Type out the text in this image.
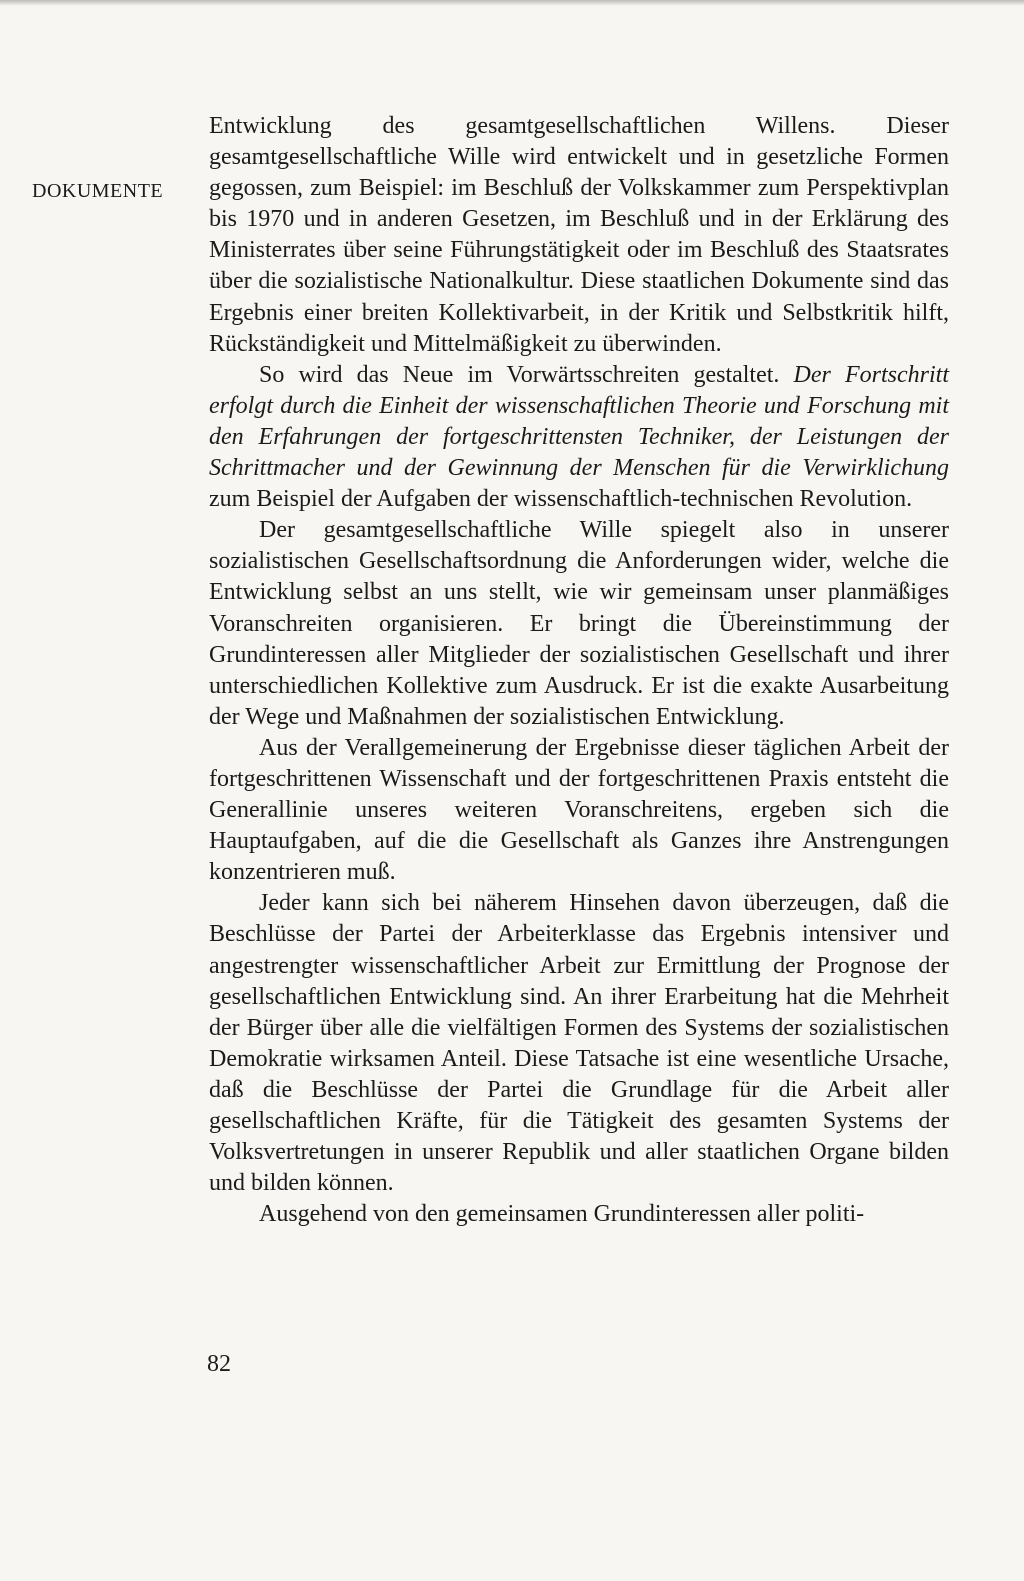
DOKUMENTE

Entwicklung des gesamtgesellschaftlichen Willens. Dieser gesamtgesellschaftliche Wille wird entwickelt und in gesetzliche Formen gegossen, zum Beispiel: im Beschluß der Volkskammer zum Perspektivplan bis 1970 und in anderen Gesetzen, im Beschluß und in der Erklärung des Ministerrates über seine Führungstätigkeit oder im Beschluß des Staatsrates über die sozialistische Nationalkultur. Diese staatlichen Dokumente sind das Ergebnis einer breiten Kollektivarbeit, in der Kritik und Selbstkritik hilft, Rückständigkeit und Mittelmäßigkeit zu überwinden.

So wird das Neue im Vorwärtsschreiten gestaltet. Der Fortschritt erfolgt durch die Einheit der wissenschaftlichen Theorie und Forschung mit den Erfahrungen der fortgeschrittensten Techniker, der Leistungen der Schrittmacher und der Gewinnung der Menschen für die Verwirklichung zum Beispiel der Aufgaben der wissenschaftlich-technischen Revolution.

Der gesamtgesellschaftliche Wille spiegelt also in unserer sozialistischen Gesellschaftsordnung die Anforderungen wider, welche die Entwicklung selbst an uns stellt, wie wir gemeinsam unser planmäßiges Voranschreiten organisieren. Er bringt die Übereinstimmung der Grundinteressen aller Mitglieder der sozialistischen Gesellschaft und ihrer unterschiedlichen Kollektive zum Ausdruck. Er ist die exakte Ausarbeitung der Wege und Maßnahmen der sozialistischen Entwicklung.

Aus der Verallgemeinerung der Ergebnisse dieser täglichen Arbeit der fortgeschrittenen Wissenschaft und der fortgeschrittenen Praxis entsteht die Generallinie unseres weiteren Voranschreitens, ergeben sich die Hauptaufgaben, auf die die Gesellschaft als Ganzes ihre Anstrengungen konzentrieren muß.

Jeder kann sich bei näherem Hinsehen davon überzeugen, daß die Beschlüsse der Partei der Arbeiterklasse das Ergebnis intensiver und angestrengter wissenschaftlicher Arbeit zur Ermittlung der Prognose der gesellschaftlichen Entwicklung sind. An ihrer Erarbeitung hat die Mehrheit der Bürger über alle die vielfältigen Formen des Systems der sozialistischen Demokratie wirksamen Anteil. Diese Tatsache ist eine wesentliche Ursache, daß die Beschlüsse der Partei die Grundlage für die Arbeit aller gesellschaftlichen Kräfte, für die Tätigkeit des gesamten Systems der Volksvertretungen in unserer Republik und aller staatlichen Organe bilden und bilden können.

Ausgehend von den gemeinsamen Grundinteressen aller politi-

82
